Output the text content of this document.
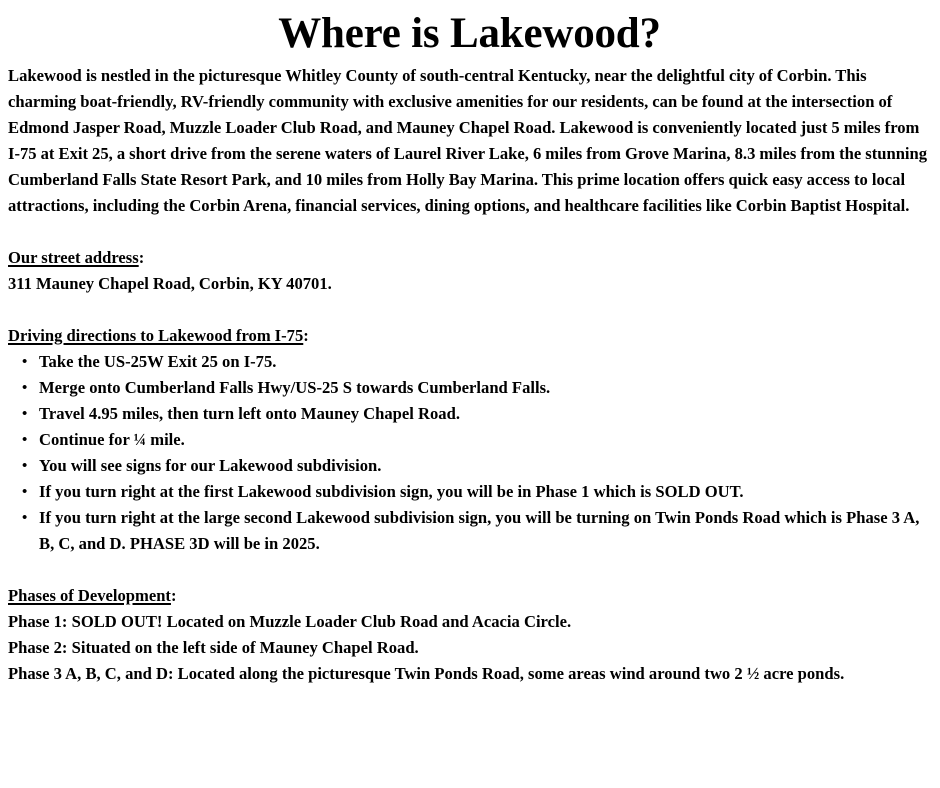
Where is Lakewood?

Lakewood is nestled in the picturesque Whitley County of south-central Kentucky, near the delightful city of Corbin. This charming boat-friendly, RV-friendly community with exclusive amenities for our residents, can be found at the intersection of Edmond Jasper Road, Muzzle Loader Club Road, and Mauney Chapel Road. Lakewood is conveniently located just 5 miles from I-75 at Exit 25, a short drive from the serene waters of Laurel River Lake, 6 miles from Grove Marina, 8.3 miles from the stunning Cumberland Falls State Resort Park, and 10 miles from Holly Bay Marina. This prime location offers quick easy access to local attractions, including the Corbin Arena, financial services, dining options, and healthcare facilities like Corbin Baptist Hospital.

Our street address:
311 Mauney Chapel Road, Corbin, KY 40701.

Driving directions to Lakewood from I-75:
• Take the US-25W Exit 25 on I-75.
• Merge onto Cumberland Falls Hwy/US-25 S towards Cumberland Falls.
• Travel 4.95 miles, then turn left onto Mauney Chapel Road.
• Continue for ¼ mile.
• You will see signs for our Lakewood subdivision.
• If you turn right at the first Lakewood subdivision sign, you will be in Phase 1 which is SOLD OUT.
• If you turn right at the large second Lakewood subdivision sign, you will be turning on Twin Ponds Road which is Phase 3 A, B, C, and D. PHASE 3D will be in 2025.

Phases of Development:
Phase 1: SOLD OUT! Located on Muzzle Loader Club Road and Acacia Circle.
Phase 2: Situated on the left side of Mauney Chapel Road.
Phase 3 A, B, C, and D: Located along the picturesque Twin Ponds Road, some areas wind around two 2 ½ acre ponds.
